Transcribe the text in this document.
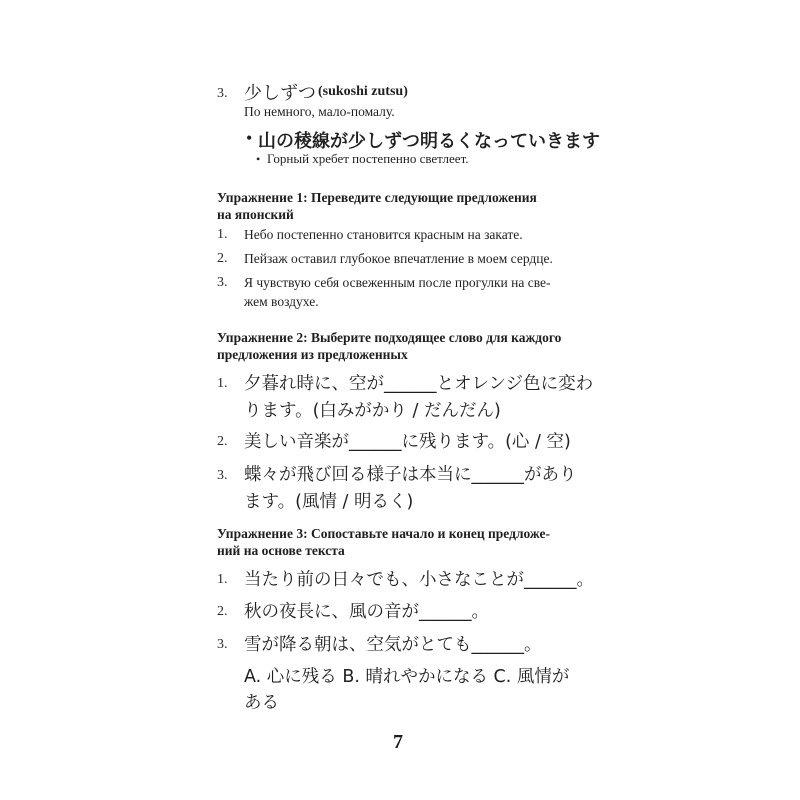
3. 少しずつ (sukoshi zutsu)
По немного, мало-помалу.
• 山の稜線が少しずつ明るくなっていきます
• Горный хребет постепенно светлеет.
Упражнение 1: Переведите следующие предложения
на японский
1. Небо постепенно становится красным на закате.
2. Пейзаж оставил глубокое впечатление в моем сердце.
3. Я чувствую себя освеженным после прогулки на све-
жем воздухе.
Упражнение 2: Выберите подходящее слово для каждого
предложения из предложенных
1. 夕暮れ時に、空が______とオレンジ色に変わ
ります。(白みがかり / だんだん)
2. 美しい音楽が______に残ります。(心 / 空)
3. 蝶々が飛び回る様子は本当に______があり
ます。(風情 / 明るく)
Упражнение 3: Сопоставьте начало и конец предложе-
ний на основе текста
1. 当たり前の日々でも、小さなことが______。
2. 秋の夜長に、風の音が______。
3. 雪が降る朝は、空気がとても______。
A. 心に残る B. 晴れやかになる C. 風情が
ある
7
